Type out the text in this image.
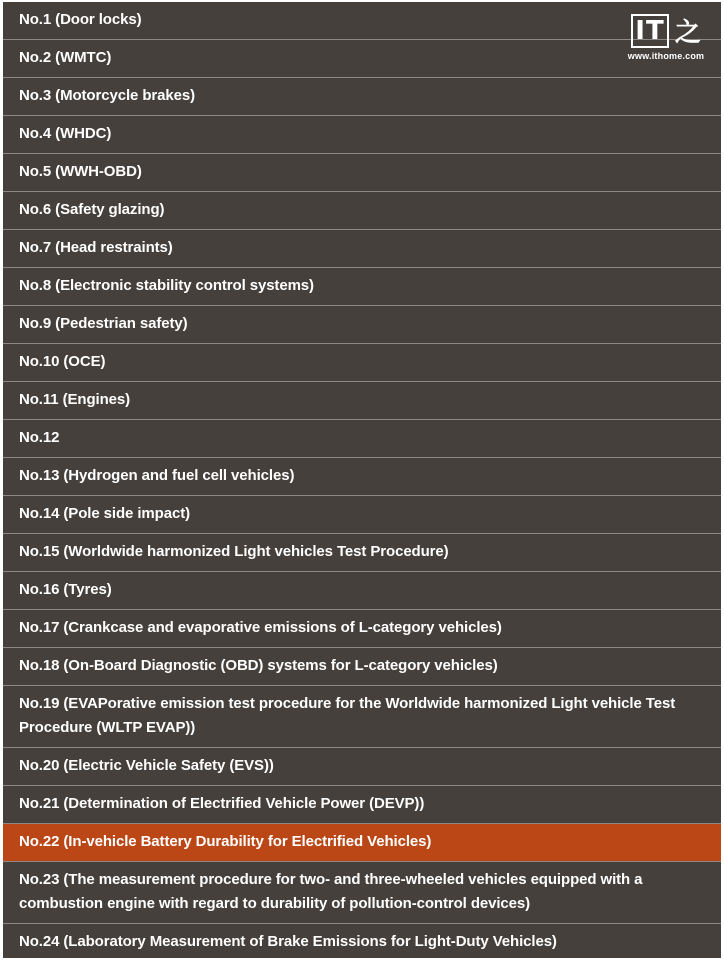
No.1 (Door locks)
No.2 (WMTC)
No.3 (Motorcycle brakes)
No.4 (WHDC)
No.5 (WWH-OBD)
No.6 (Safety glazing)
No.7 (Head restraints)
No.8 (Electronic stability control systems)
No.9 (Pedestrian safety)
No.10 (OCE)
No.11 (Engines)
No.12
No.13 (Hydrogen and fuel cell vehicles)
No.14 (Pole side impact)
No.15 (Worldwide harmonized Light vehicles Test Procedure)
No.16 (Tyres)
No.17 (Crankcase and evaporative emissions of L-category vehicles)
No.18 (On-Board Diagnostic (OBD) systems for L-category vehicles)
No.19 (EVAPorative emission test procedure for the Worldwide harmonized Light vehicle Test Procedure (WLTP EVAP))
No.20 (Electric Vehicle Safety (EVS))
No.21 (Determination of Electrified Vehicle Power (DEVP))
No.22 (In-vehicle Battery Durability for Electrified Vehicles)
No.23 (The measurement procedure for two- and three-wheeled vehicles equipped with a combustion engine with regard to durability of pollution-control devices)
No.24 (Laboratory Measurement of Brake Emissions for Light-Duty Vehicles)
IT 之
www.ithome.com
